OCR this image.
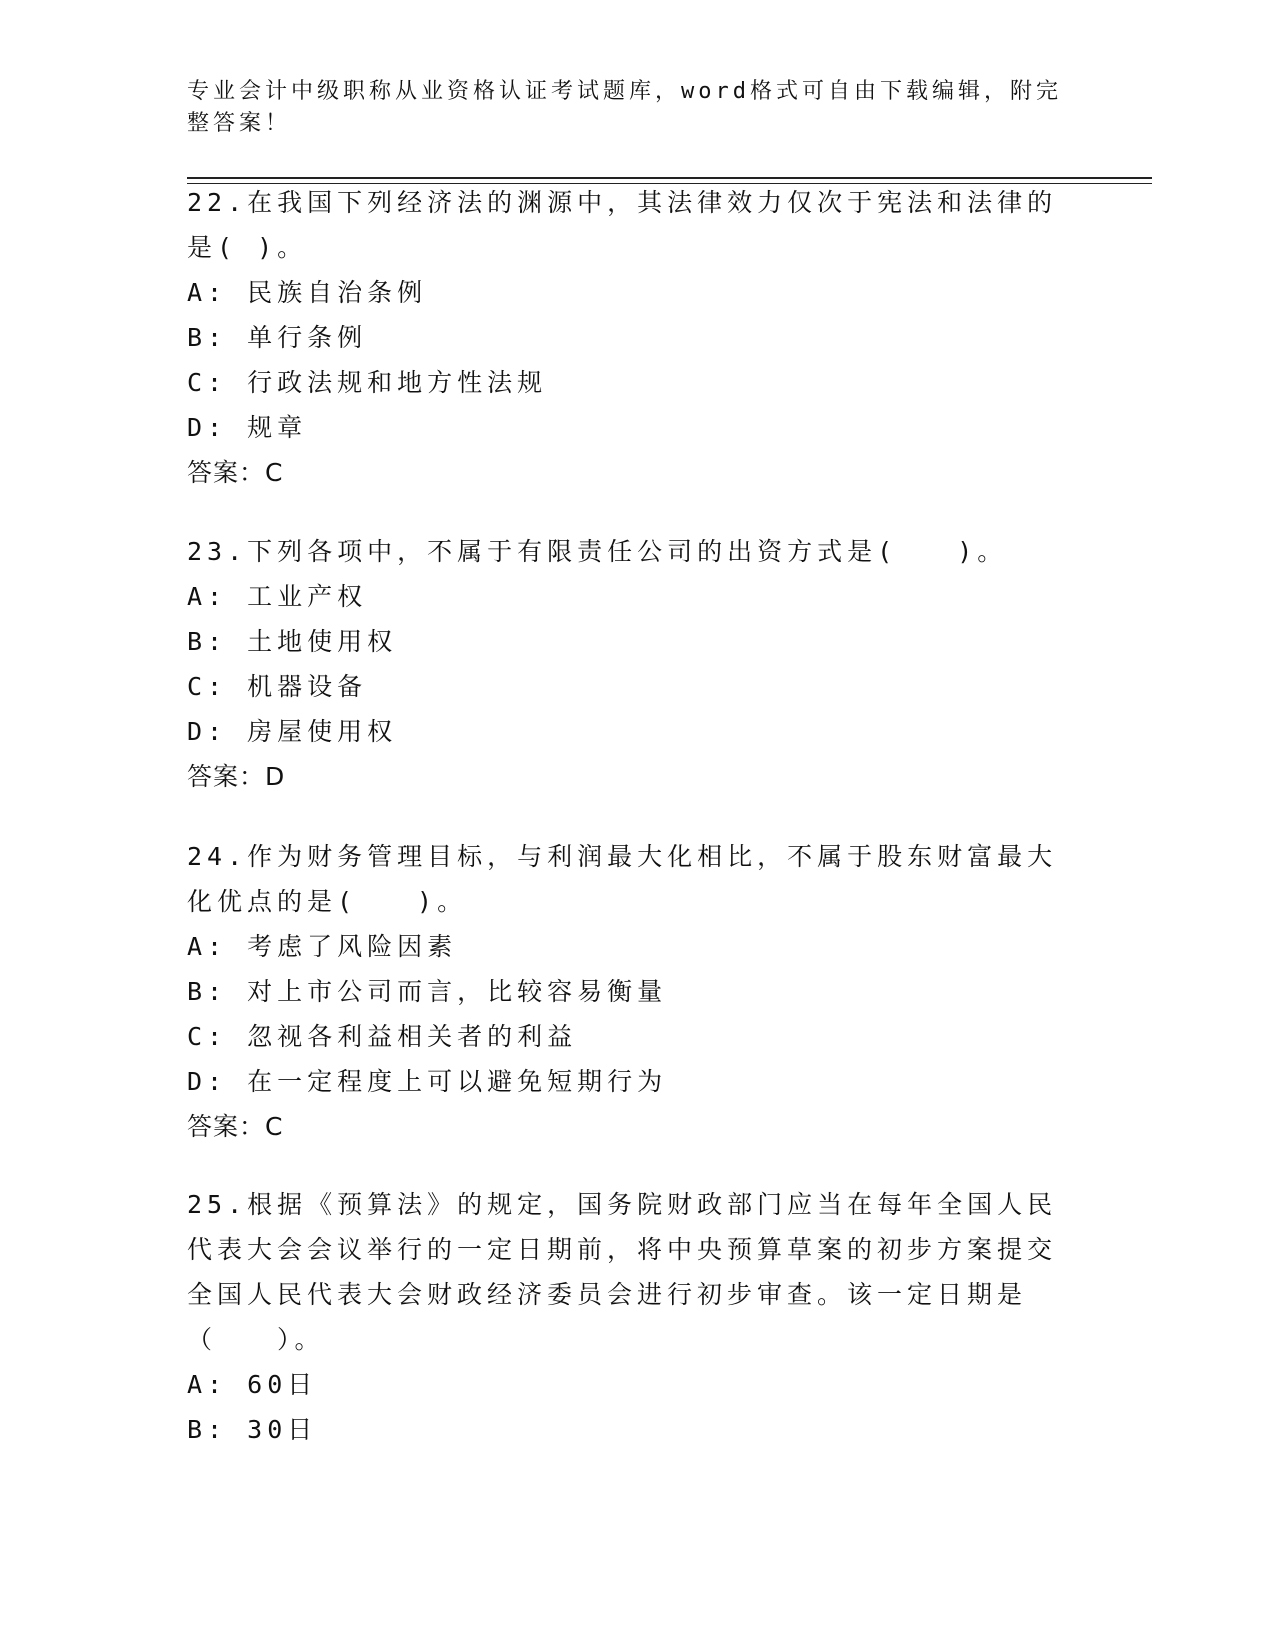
专业会计中级职称从业资格认证考试题库，word格式可自由下载编辑，附完整答案！

22.在我国下列经济法的渊源中，其法律效力仅次于宪法和法律的是( )。

A: 民族自治条例

B: 单行条例

C: 行政法规和地方性法规

D: 规章

答案：C

23.下列各项中，不属于有限责任公司的出资方式是(　　)。

A: 工业产权

B: 土地使用权

C: 机器设备

D: 房屋使用权

答案：D

24.作为财务管理目标，与利润最大化相比，不属于股东财富最大化优点的是(　　)。

A: 考虑了风险因素

B: 对上市公司而言，比较容易衡量

C: 忽视各利益相关者的利益

D: 在一定程度上可以避免短期行为

答案：C

25.根据《预算法》的规定，国务院财政部门应当在每年全国人民代表大会会议举行的一定日期前，将中央预算草案的初步方案提交全国人民代表大会财政经济委员会进行初步审查。该一定日期是（　　）。

A: 60日

B: 30日
